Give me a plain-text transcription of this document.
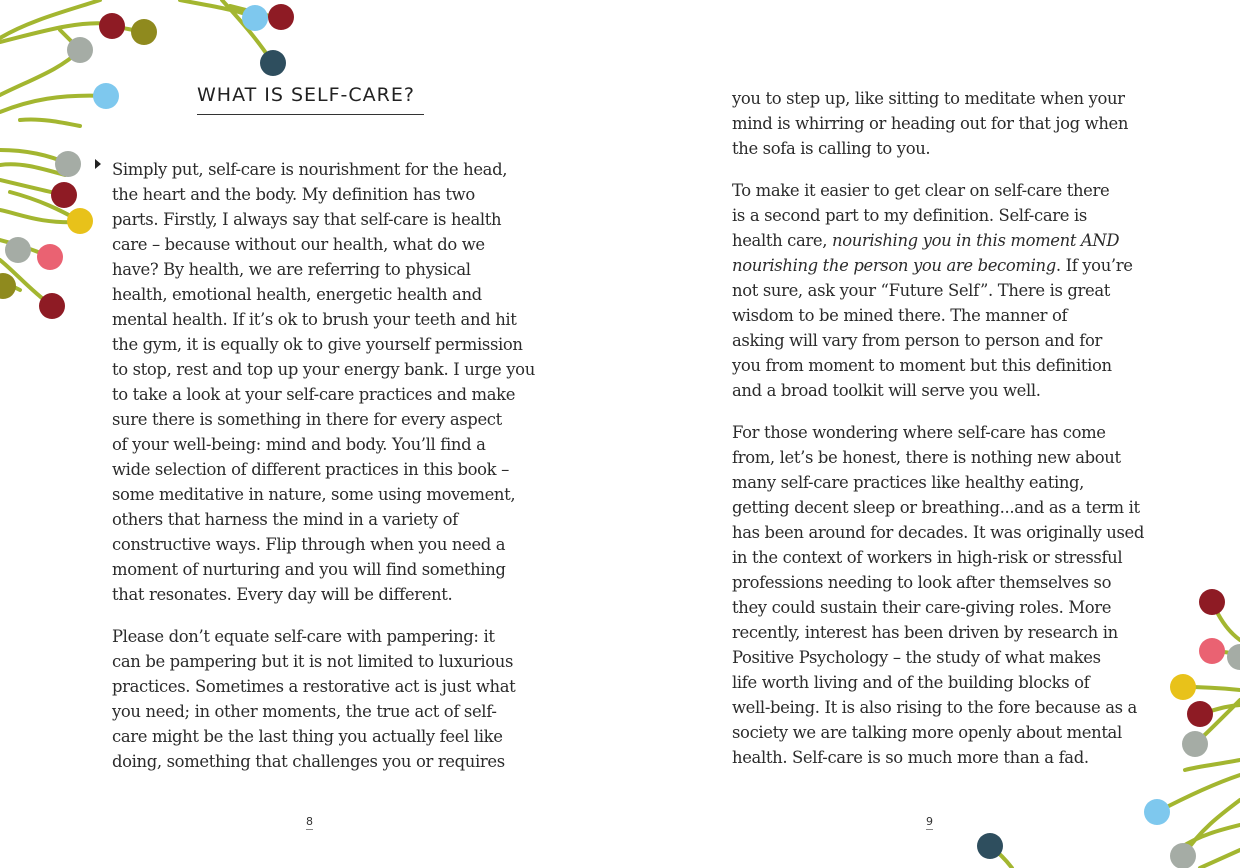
WHAT IS SELF-CARE?

Simply put, self-care is nourishment for the head,
the heart and the body. My definition has two
parts. Firstly, I always say that self-care is health
care – because without our health, what do we
have? By health, we are referring to physical
health, emotional health, energetic health and
mental health. If it’s ok to brush your teeth and hit
the gym, it is equally ok to give yourself permission
to stop, rest and top up your energy bank. I urge you
to take a look at your self-care practices and make
sure there is something in there for every aspect
of your well-being: mind and body. You’ll find a
wide selection of different practices in this book –
some meditative in nature, some using movement,
others that harness the mind in a variety of
constructive ways. Flip through when you need a
moment of nurturing and you will find something
that resonates. Every day will be different.

Please don’t equate self-care with pampering: it
can be pampering but it is not limited to luxurious
practices. Sometimes a restorative act is just what
you need; in other moments, the true act of self-
care might be the last thing you actually feel like
doing, something that challenges you or requires

you to step up, like sitting to meditate when your
mind is whirring or heading out for that jog when
the sofa is calling to you.

To make it easier to get clear on self-care there
is a second part to my definition. Self-care is
health care, nourishing you in this moment AND
nourishing the person you are becoming. If you’re
not sure, ask your “Future Self”. There is great
wisdom to be mined there. The manner of
asking will vary from person to person and for
you from moment to moment but this definition
and a broad toolkit will serve you well.

For those wondering where self-care has come
from, let’s be honest, there is nothing new about
many self-care practices like healthy eating,
getting decent sleep or breathing...and as a term it
has been around for decades. It was originally used
in the context of workers in high-risk or stressful
professions needing to look after themselves so
they could sustain their care-giving roles. More
recently, interest has been driven by research in
Positive Psychology – the study of what makes
life worth living and of the building blocks of
well-being. It is also rising to the fore because as a
society we are talking more openly about mental
health. Self-care is so much more than a fad.

8	9
